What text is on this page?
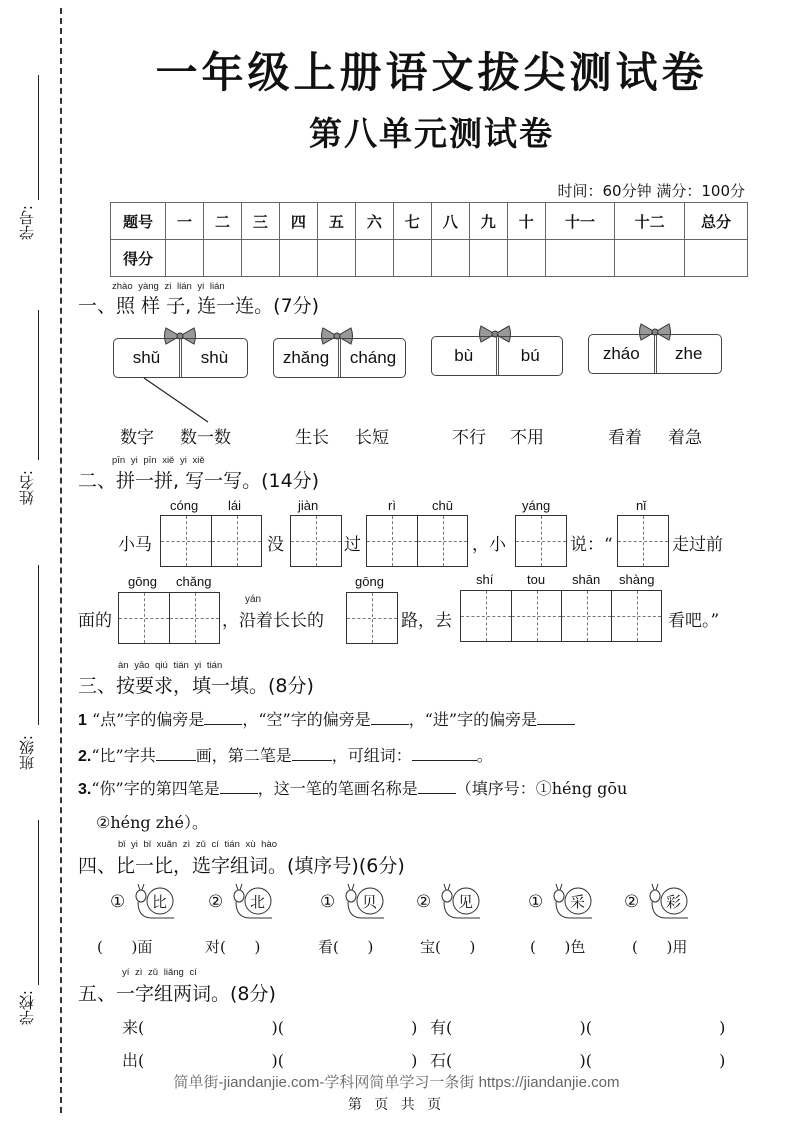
学号:
姓名:
班级:
学校:
一年级上册语文拔尖测试卷
第八单元测试卷
时间：60分钟 满分：100分
题号	一	二	三	四	五	六	七	八	九	十	十一	十二	总分
得分													
zhào yàng zi lián yi lián
一、照 样 子, 连一连。(7分)
shǔ	shù	zhǎng	cháng	bù	bú	zháo	zhe
数字 数一数	生长 长短	不行 不用	看着 着急
pīn yi pīn xiě yi xiě
二、拼一拼, 写一写。(14分)
小马
cóng lái
没
jiàn
过
rì	chū
，小
yáng
说：“
nǐ
走过前
面的
gōng chǎng
yán
，沿着长长的
gōng
路，去
shí	tou shān shàng
看吧。”
àn yāo qiú tián yi tián
三、按要求，填一填。(8分)
1 “点”字的偏旁是 ，“空”字的偏旁是 ，“进”字的偏旁是
2.“比”字共	画，第二笔是	，可组词：	。
3.“你”字的第四笔是 ，这一笔的笔画名称是 （填序号：①héng gōu
②héng zhé）。
bǐ yi bǐ xuǎn zì zǔ cí tián xù hào
四、比一比，选字组词。(填序号)(6分)
① 比 ② 北	① 贝 ② 见	① 采 ② 彩
(      )面	对(      )	看(      )	宝(      )	(      )色	(      )用
yí zì zǔ liǎng cí
五、一字组两词。(8分)
来(              )(              ) 有(              )(              )
出(              )(              ) 石(              )(              )
简单街-jiandanjie.com-学科网简单学习一条街 https://jiandanjie.com
第 页 共 页
